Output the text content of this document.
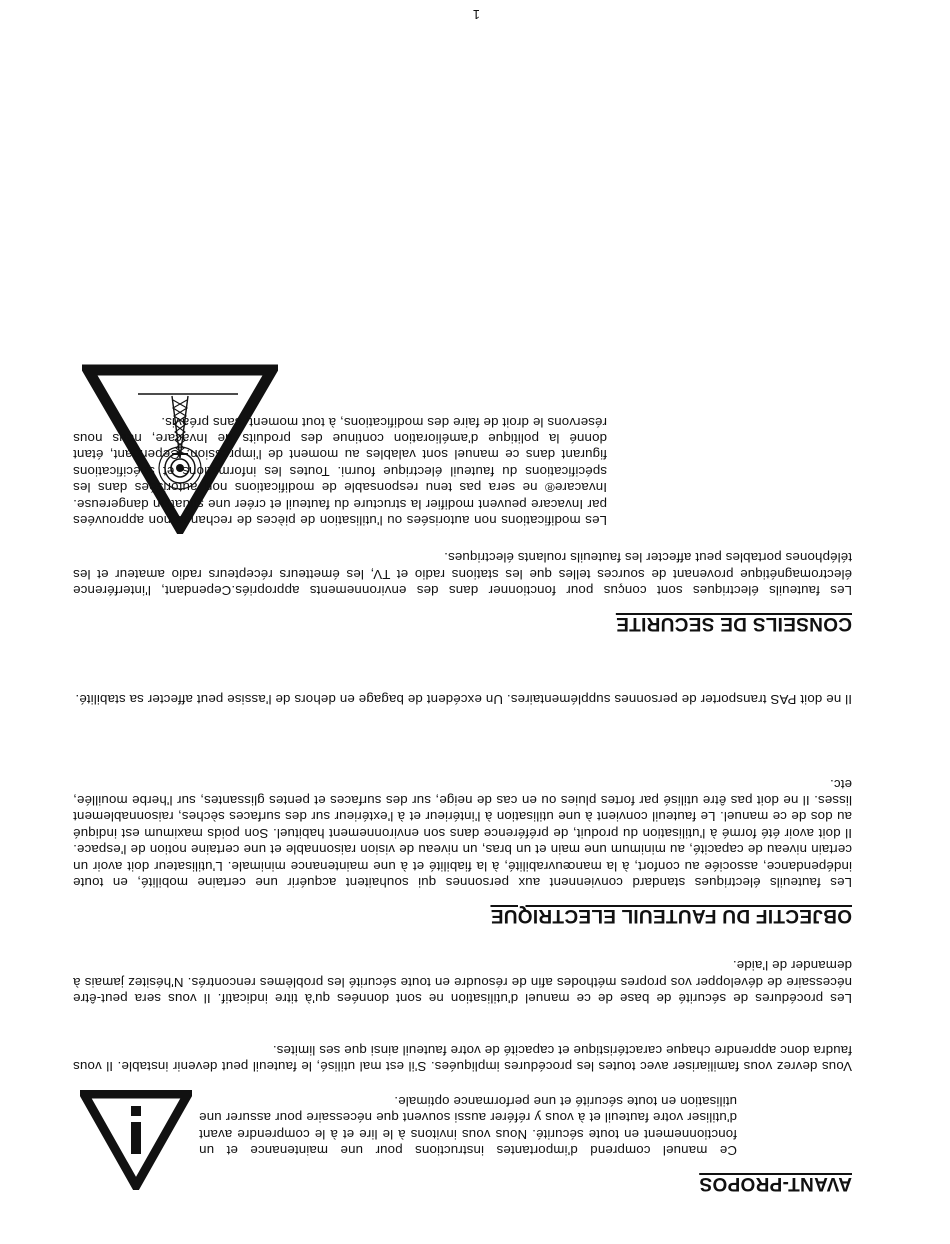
AVANT-PROPOS

Ce manuel comprend d'importantes instructions pour une maintenance et un fonctionnement en toute sécurité. Nous vous invitons à le lire et à le comprendre avant d'utiliser votre fauteuil et à vous y référer aussi souvent que nécessaire pour assurer une utilisation en toute sécurité et une performance optimale.

Vous devrez vous familiariser avec toutes les procédures impliquées. S'il est mal utilisé, le fauteuil peut devenir instable. Il vous faudra donc apprendre chaque caractéristique et capacité de votre fauteuil ainsi que ses limites.

Les procédures de sécurité de base de ce manuel d'utilisation ne sont données qu'à titre indicatif. Il vous sera peut-être nécessaire de développer vos propres méthodes afin de résoudre en toute sécurité les problèmes rencontrés. N'hésitez jamais à demander de l'aide.

OBJECTIF DU FAUTEUIL ELECTRIQUE

Les fauteuils électriques standard conviennent aux personnes qui souhaitent acquérir une certaine mobilité, en toute indépendance, associée au confort, à la manœuvrabilité, à la fiabilité et à une maintenance minimale. L'utilisateur doit avoir un certain niveau de capacité, au minimum une main et un bras, un niveau de vision raisonnable et une certaine notion de l'espace. Il doit avoir été formé à l'utilisation du produit, de préférence dans son environnement habituel. Son poids maximum est indiqué au dos de ce manuel. Le fauteuil convient à une utilisation à l'intérieur et à l'extérieur sur des surfaces sèches, raisonnablement lisses. Il ne doit pas être utilisé par fortes pluies ou en cas de neige, sur des surfaces et pentes glissantes, sur l'herbe mouillée, etc.

Il ne doit PAS transporter de personnes supplémentaires. Un excédent de bagage en dehors de l'assise peut affecter sa stabilité.

CONSEILS DE SECURITE

Les fauteuils électriques sont conçus pour fonctionner dans des environnements appropriés.Cependant, l'interférence électromagnétique provenant de sources telles que les stations radio et TV, les émetteurs récepteurs radio amateur et les téléphones portables peut affecter les fauteuils roulants électriques.

Les modifications non autorisées ou l'utilisation de pièces de rechange non approuvées par Invacare peuvent modifier la structure du fauteuil et créer une situation dangereuse. Invacare® ne sera pas tenu responsable de modifications non autorisées dans les spécifications du fauteuil électrique fourni. Toutes les informations et spécifications figurant dans ce manuel sont valables au moment de l'impression. Cependant, étant donné la politique d'amélioration continue des produits de Invacare, nous nous réservons le droit de faire des modifications, à tout moment, sans préavis.

1
